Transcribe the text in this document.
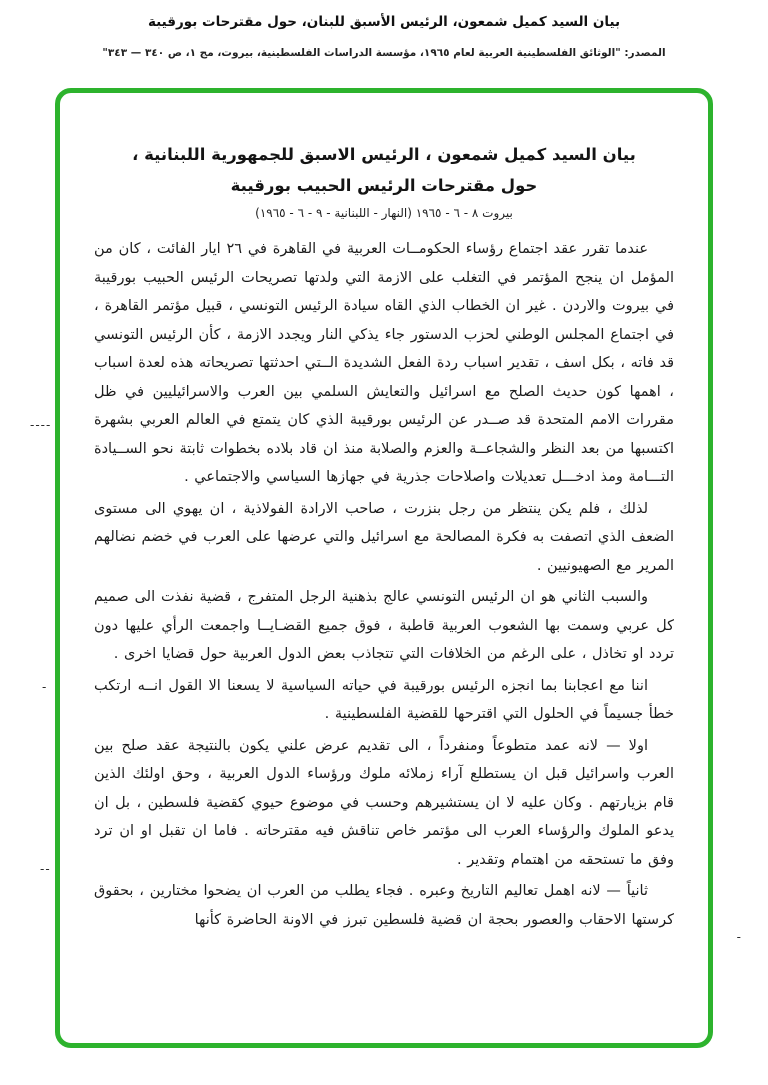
بيان السيد كميل شمعون، الرئيس الأسبق للبنان، حول مقترحات بورقيبة
المصدر: "الوثائق الفلسطينية العربية لعام ١٩٦٥، مؤسسة الدراسات الفلسطينية، بيروت، مج ١، ص ٣٤٠ — ٣٤٣"
بيان السيد كميل شمعون ، الرئيس الاسبق للجمهورية اللبنانية ،
حول مقترحات الرئيس الحبيب بورقيبة
بيروت ٨ - ٦ - ١٩٦٥ (النهار - اللبنانية - ٩ - ٦ - ١٩٦٥)

عندما تقرر عقد اجتماع رؤساء الحكومــات العربية في القاهرة في ٢٦ ايار الفائت ، كان من المؤمل ان ينجح المؤتمر في التغلب على الازمة التي ولدتها تصريحات الرئيس الحبيب بورقيبة في بيروت والاردن . غير ان الخطاب الذي القاه سيادة الرئيس التونسي ، قبيل مؤتمر القاهرة ، في اجتماع المجلس الوطني لحزب الدستور جاء يذكي النار ويجدد الازمة ، كأن الرئيس التونسي قد فاته ، بكل اسف ، تقدير اسباب ردة الفعل الشديدة الــتي احدثتها تصريحاته هذه لعدة اسباب ، اهمها كون حديث الصلح مع اسرائيل والتعايش السلمي بين العرب والاسرائيليين في ظل مقررات الامم المتحدة قد صــدر عن الرئيس بورقيبة الذي كان يتمتع في العالم العربي بشهرة اكتسبها من بعد النظر والشجاعــة والعزم والصلابة منذ ان قاد بلاده بخطوات ثابتة نحو الســيادة التـــامة ومذ ادخـــل تعديلات واصلاحات جذرية في جهازها السياسي والاجتماعي .

لذلك ، فلم يكن ينتظر من رجل بنزرت ، صاحب الارادة الفولاذية ، ان يهوي الى مستوى الضعف الذي اتصفت به فكرة المصالحة مع اسرائيل والتي عرضها على العرب في خضم نضالهم المرير مع الصهيونيين .

والسبب الثاني هو ان الرئيس التونسي عالج بذهنية الرجل المتفرج ، قضية نفذت الى صميم كل عربي وسمت بها الشعوب العربية قاطبة ، فوق جميع القضـايــا واجمعت الرأي عليها دون تردد او تخاذل ، على الرغم من الخلافات التي تتجاذب بعض الدول العربية حول قضايا اخرى .

اننا مع اعجابنا بما انجزه الرئيس بورقيبة في حياته السياسية لا يسعنا الا القول انــه ارتكب خطأ جسيماً في الحلول التي اقترحها للقضية الفلسطينية .

اولا — لانه عمد متطوعاً ومنفرداً ، الى تقديم عرض علني يكون بالنتيجة عقد صلح بين العرب واسرائيل قبل ان يستطلع آراء زملائه ملوك ورؤساء الدول العربية ، وحق اولئك الذين قام بزيارتهم . وكان عليه لا ان يستشيرهم وحسب في موضوع حيوي كقضية فلسطين ، بل ان يدعو الملوك والرؤساء العرب الى مؤتمر خاص تناقش فيه مقترحاته . فاما ان تقبل او ان ترد وفق ما تستحقه من اهتمام وتقدير .

ثانياً — لانه اهمل تعاليم التاريخ وعبره . فجاء يطلب من العرب ان يضحوا مختارين ، بحقوق كرستها الاحقاب والعصور بحجة ان قضية فلسطين تبرز في الاونة الحاضرة كأنها

----
-
--
-
